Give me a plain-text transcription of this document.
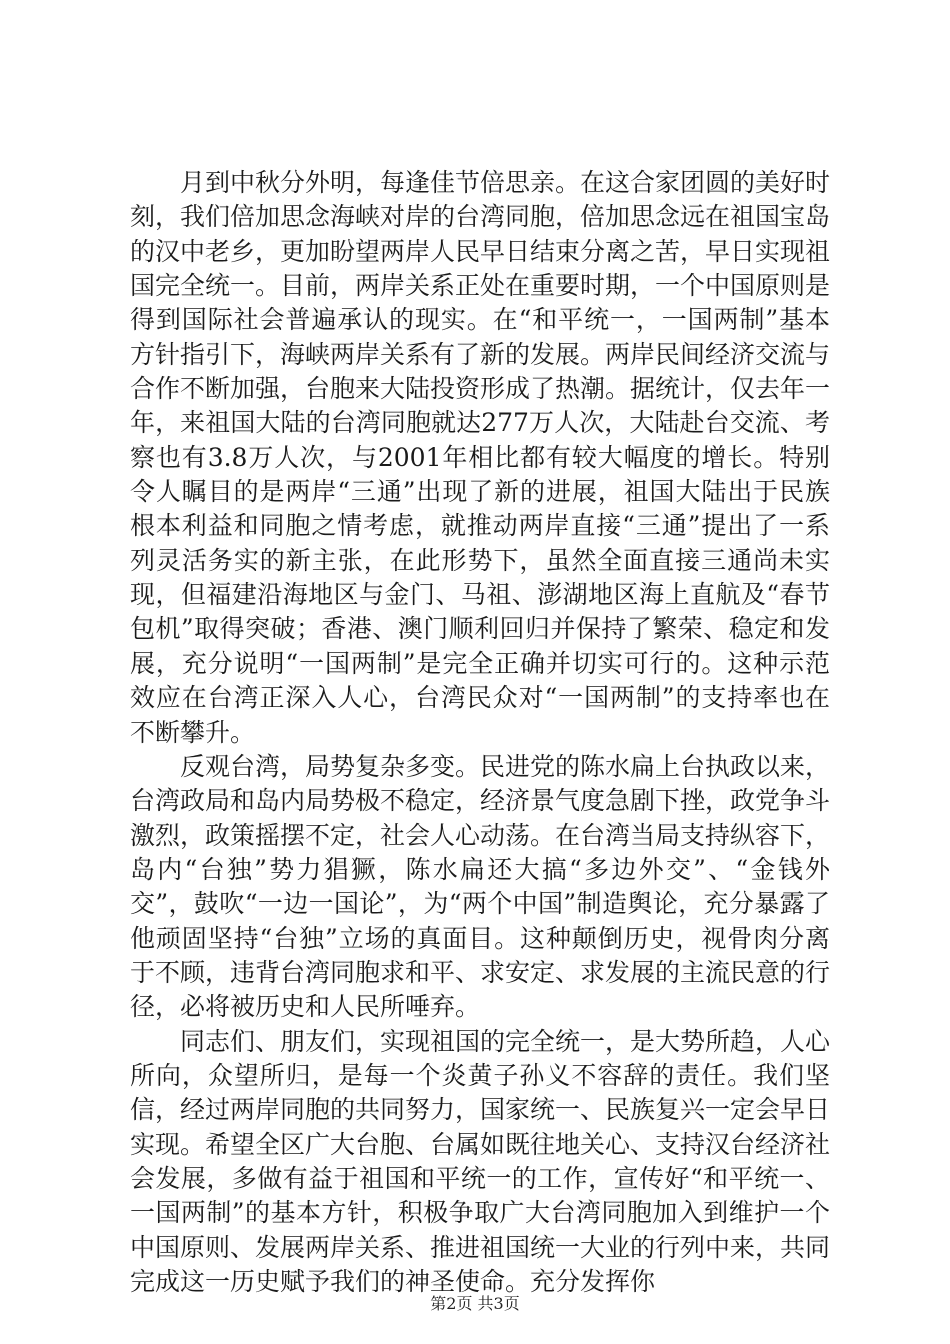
月到中秋分外明，每逢佳节倍思亲。在这合家团圆的美好时刻，我们倍加思念海峡对岸的台湾同胞，倍加思念远在祖国宝岛的汉中老乡，更加盼望两岸人民早日结束分离之苦，早日实现祖国完全统一。目前，两岸关系正处在重要时期，一个中国原则是得到国际社会普遍承认的现实。在“和平统一，一国两制”基本方针指引下，海峡两岸关系有了新的发展。两岸民间经济交流与合作不断加强，台胞来大陆投资形成了热潮。据统计，仅去年一年，来祖国大陆的台湾同胞就达277万人次，大陆赴台交流、考察也有3.8万人次，与2001年相比都有较大幅度的增长。特别令人瞩目的是两岸“三通”出现了新的进展，祖国大陆出于民族根本利益和同胞之情考虑，就推动两岸直接“三通”提出了一系列灵活务实的新主张，在此形势下，虽然全面直接三通尚未实现，但福建沿海地区与金门、马祖、澎湖地区海上直航及“春节包机”取得突破；香港、澳门顺利回归并保持了繁荣、稳定和发展，充分说明“一国两制”是完全正确并切实可行的。这种示范效应在台湾正深入人心，台湾民众对“一国两制”的支持率也在不断攀升。

反观台湾，局势复杂多变。民进党的陈水扁上台执政以来，台湾政局和岛内局势极不稳定，经济景气度急剧下挫，政党争斗激烈，政策摇摆不定，社会人心动荡。在台湾当局支持纵容下，岛内“台独”势力猖獗，陈水扁还大搞“多边外交”、“金钱外交”，鼓吹“一边一国论”，为“两个中国”制造舆论，充分暴露了他顽固坚持“台独”立场的真面目。这种颠倒历史，视骨肉分离于不顾，违背台湾同胞求和平、求安定、求发展的主流民意的行径，必将被历史和人民所唾弃。

同志们、朋友们，实现祖国的完全统一，是大势所趋，人心所向，众望所归，是每一个炎黄子孙义不容辞的责任。我们坚信，经过两岸同胞的共同努力，国家统一、民族复兴一定会早日实现。希望全区广大台胞、台属如既往地关心、支持汉台经济社会发展，多做有益于祖国和平统一的工作，宣传好“和平统一、一国两制”的基本方针，积极争取广大台湾同胞加入到维护一个中国原则、发展两岸关系、推进祖国统一大业的行列中来，共同完成这一历史赋予我们的神圣使命。充分发挥你

第2页 共3页
